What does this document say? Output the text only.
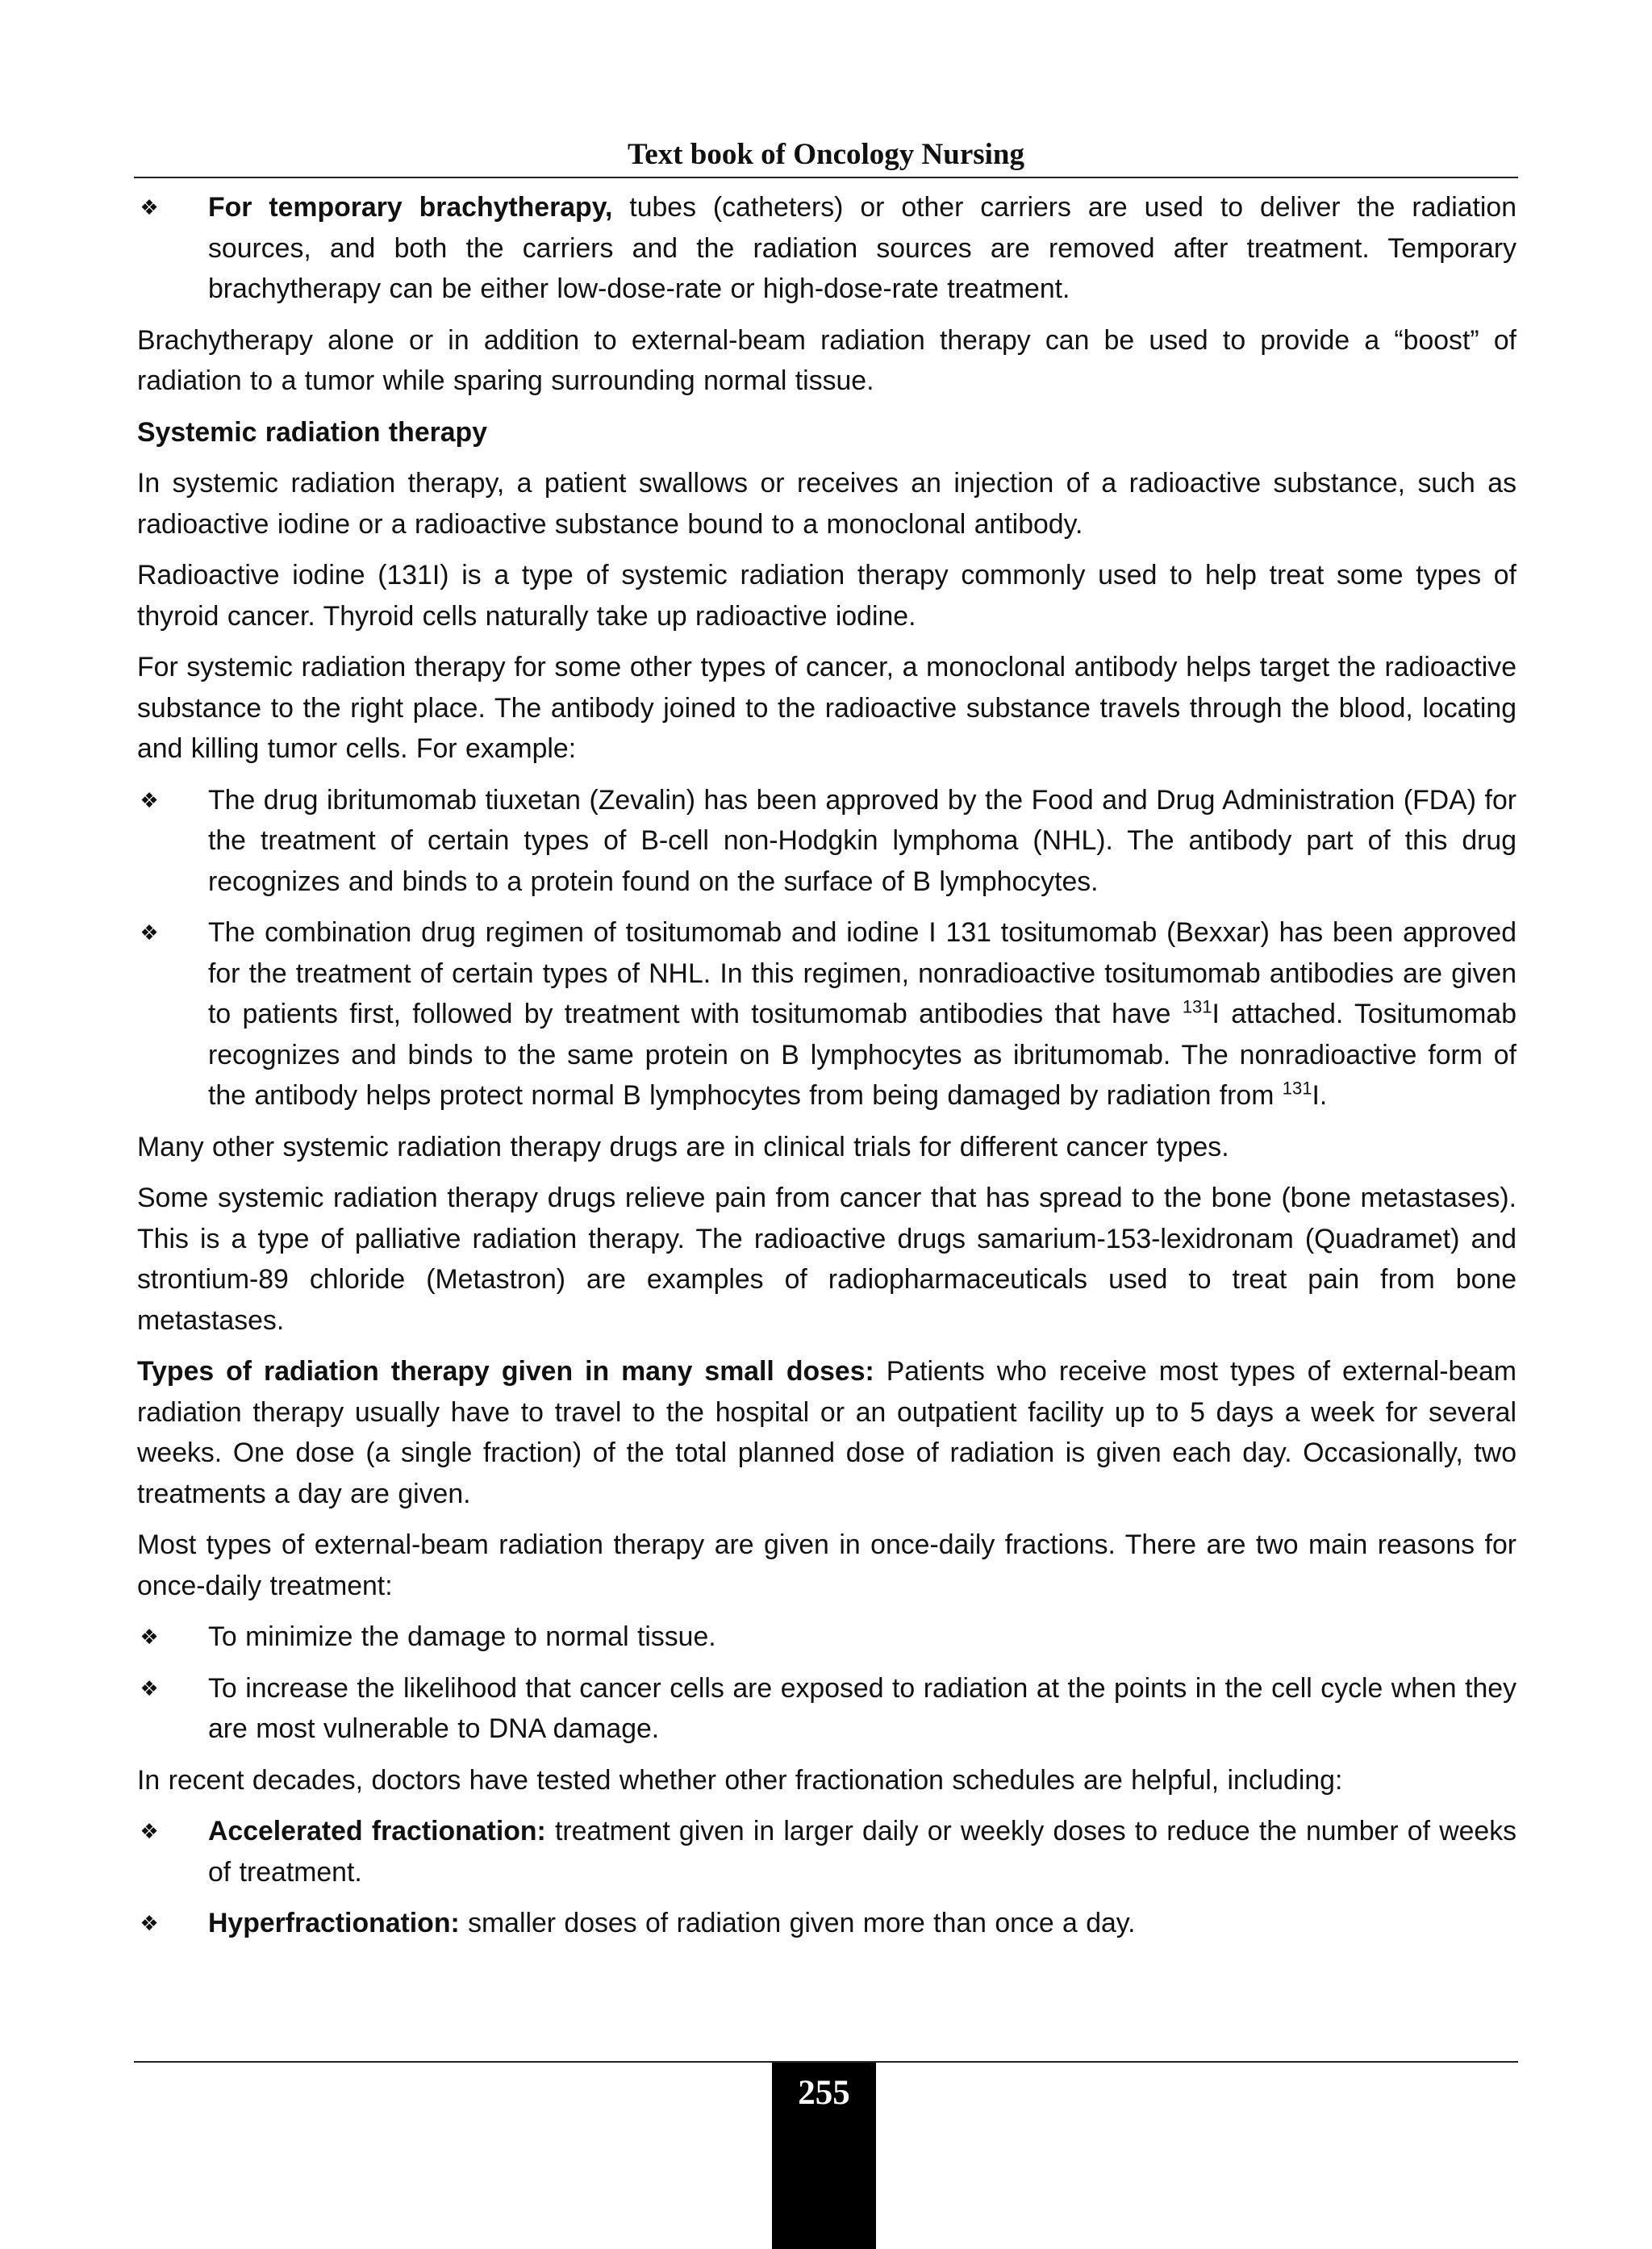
Text book of Oncology Nursing
❖ For temporary brachytherapy, tubes (catheters) or other carriers are used to deliver the radiation sources, and both the carriers and the radiation sources are removed after treatment. Temporary brachytherapy can be either low-dose-rate or high-dose-rate treatment.

Brachytherapy alone or in addition to external-beam radiation therapy can be used to provide a “boost” of radiation to a tumor while sparing surrounding normal tissue.

Systemic radiation therapy

In systemic radiation therapy, a patient swallows or receives an injection of a radioactive substance, such as radioactive iodine or a radioactive substance bound to a monoclonal antibody.

Radioactive iodine (131I) is a type of systemic radiation therapy commonly used to help treat some types of thyroid cancer. Thyroid cells naturally take up radioactive iodine.

For systemic radiation therapy for some other types of cancer, a monoclonal antibody helps target the radioactive substance to the right place. The antibody joined to the radioactive substance travels through the blood, locating and killing tumor cells. For example:

❖ The drug ibritumomab tiuxetan (Zevalin) has been approved by the Food and Drug Administration (FDA) for the treatment of certain types of B-cell non-Hodgkin lymphoma (NHL). The antibody part of this drug recognizes and binds to a protein found on the surface of B lymphocytes.
❖ The combination drug regimen of tositumomab and iodine I 131 tositumomab (Bexxar) has been approved for the treatment of certain types of NHL. In this regimen, nonradioactive tositumomab antibodies are given to patients first, followed by treatment with tositumomab antibodies that have $^{131}$I attached. Tositumomab recognizes and binds to the same protein on B lymphocytes as ibritumomab. The nonradioactive form of the antibody helps protect normal B lymphocytes from being damaged by radiation from $^{131}$I.

Many other systemic radiation therapy drugs are in clinical trials for different cancer types.

Some systemic radiation therapy drugs relieve pain from cancer that has spread to the bone (bone metastases). This is a type of palliative radiation therapy. The radioactive drugs samarium-153-lexidronam (Quadramet) and strontium-89 chloride (Metastron) are examples of radiopharmaceuticals used to treat pain from bone metastases.

Types of radiation therapy given in many small doses: Patients who receive most types of external-beam radiation therapy usually have to travel to the hospital or an outpatient facility up to 5 days a week for several weeks. One dose (a single fraction) of the total planned dose of radiation is given each day. Occasionally, two treatments a day are given.

Most types of external-beam radiation therapy are given in once-daily fractions. There are two main reasons for once-daily treatment:

❖ To minimize the damage to normal tissue.
❖ To increase the likelihood that cancer cells are exposed to radiation at the points in the cell cycle when they are most vulnerable to DNA damage.

In recent decades, doctors have tested whether other fractionation schedules are helpful, including:

❖ Accelerated fractionation: treatment given in larger daily or weekly doses to reduce the number of weeks of treatment.
❖ Hyperfractionation: smaller doses of radiation given more than once a day.
255
